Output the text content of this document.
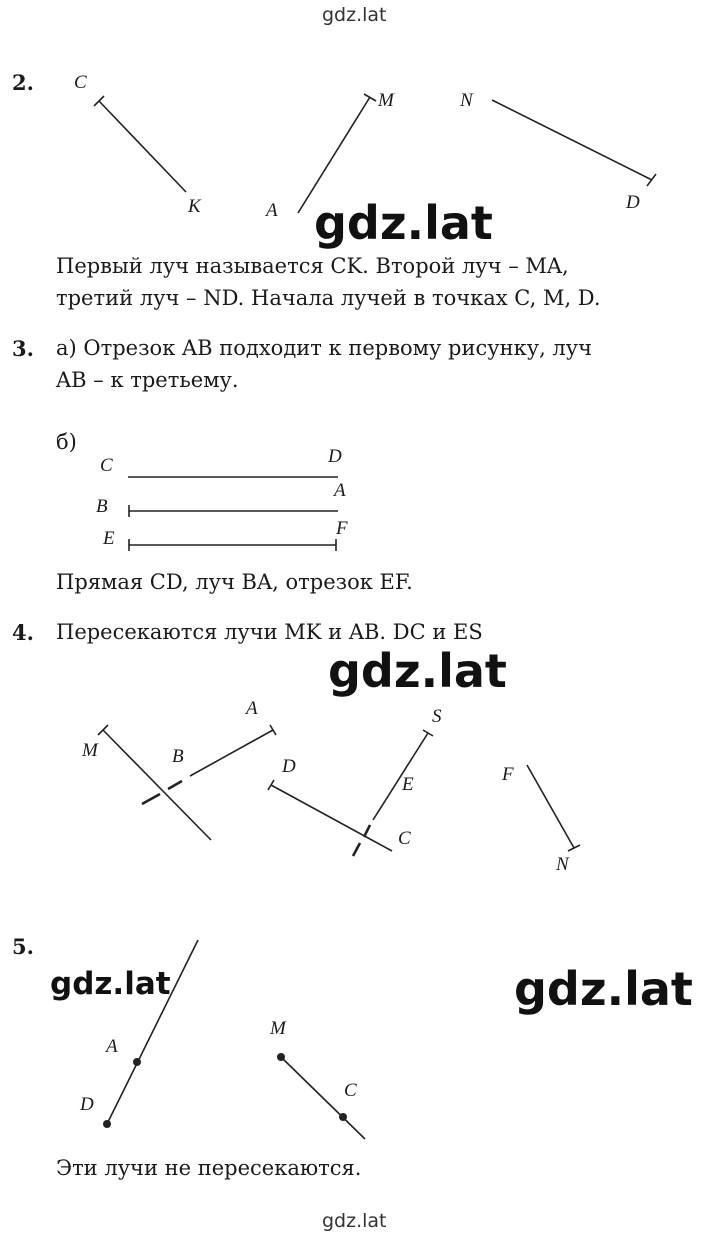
gdz.lat
2. C
K
M
A
N
D
gdz.lat
Первый луч называется CK. Второй луч – MA,
третий луч – ND. Начала лучей в точках C, M, D.
3. а) Отрезок AB подходит к первому рисунку, луч
AB – к третьему.
б)
C	D
B
A
E	F
Прямая CD, луч BA, отрезок EF.
4. Пересекаются лучи MK и AB. DC и ES
gdz.lat
M
A
B	D
S
E
C
F
N
5.
gdz.lat	gdz.lat
A
D
M
C
Эти лучи не пересекаются.
gdz.lat
